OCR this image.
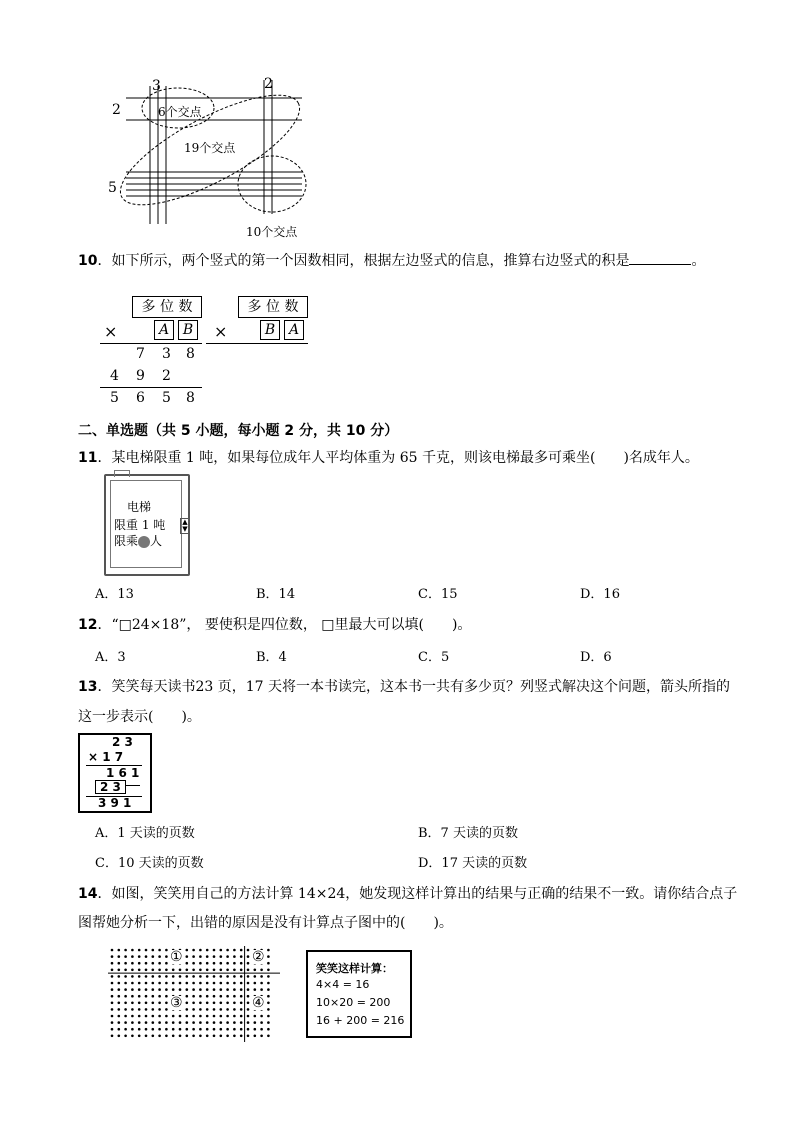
2
5
3	2
6个交点
19个交点
10个交点
10．如下所示，两个竖式的第一个因数相同，根据左边竖式的信息，推算右边竖式的积是	。
多 位 数
×	A B
7 3 8
4 9 2
5 6 5 8
多 位 数
×	B A
二、单选题（共 5 小题，每小题 2 分，共 10 分）
11．某电梯限重 1 吨，如果每位成年人平均体重为 65 千克，则该电梯最多可乘坐(　　)名成年人。
电梯
限重 1 吨
限乘 人
▲
▼
A．13	B．14	C．15	D．16
12．“□24×18”， 要使积是四位数， □里最大可以填(　　)。
A．3	B．4	C．5	D．6
13．笑笑每天读书23 页，17 天将一本书读完，这本书一共有多少页？列竖式解决这个问题，箭头所指的
这一步表示(　　)。
2 3
× 1 7
1 6 1
2 3
3 9 1
A．1 天读的页数	B．7 天读的页数
C．10 天读的页数	D．17 天读的页数
14．如图，笑笑用自己的方法计算 14×24，她发现这样计算出的结果与正确的结果不一致。请你结合点子
图帮她分析一下，出错的原因是没有计算点子图中的(　　)。
①	②
③	④
笑笑这样计算：
4×4 = 16
10×20 = 200
16 + 200 = 216
